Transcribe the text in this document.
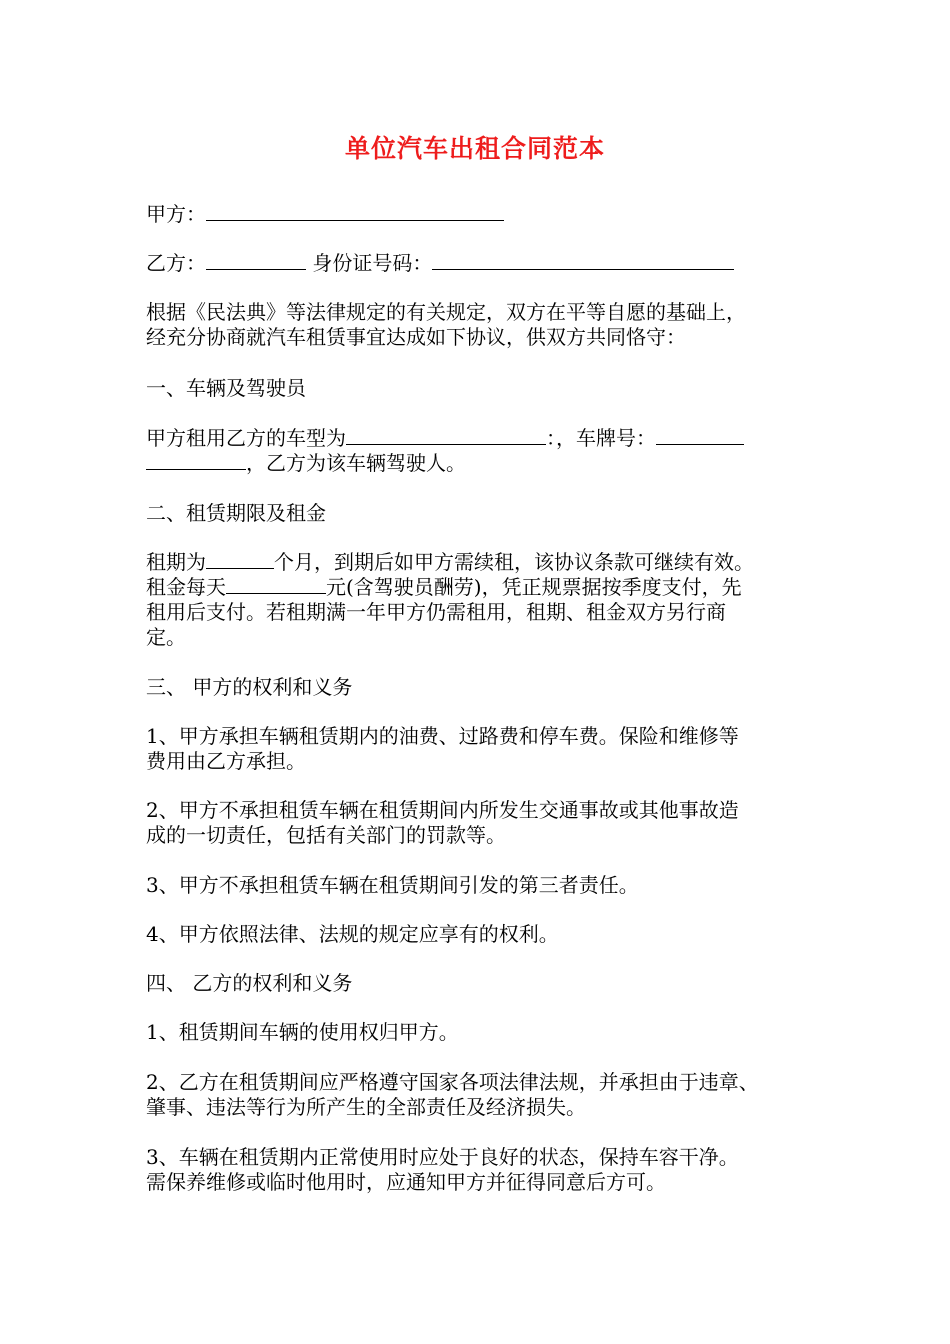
单位汽车出租合同范本
甲方：
乙方：	身份证号码：
根据《民法典》等法律规定的有关规定，双方在平等自愿的基础上，
经充分协商就汽车租赁事宜达成如下协议，供双方共同恪守：
一、车辆及驾驶员
甲方租用乙方的车型为	：，车牌号：
，乙方为该车辆驾驶人。
二、租赁期限及租金
租期为	个月，到期后如甲方需续租，该协议条款可继续有效。
租金每天	元(含驾驶员酬劳)，凭正规票据按季度支付，先
租用后支付。若租期满一年甲方仍需租用，租期、租金双方另行商
定。
三、 甲方的权利和义务
1、甲方承担车辆租赁期内的油费、过路费和停车费。保险和维修等
费用由乙方承担。
2、甲方不承担租赁车辆在租赁期间内所发生交通事故或其他事故造
成的一切责任，包括有关部门的罚款等。
3、甲方不承担租赁车辆在租赁期间引发的第三者责任。
4、甲方依照法律、法规的规定应享有的权利。
四、 乙方的权利和义务
1、租赁期间车辆的使用权归甲方。
2、乙方在租赁期间应严格遵守国家各项法律法规，并承担由于违章、
肇事、违法等行为所产生的全部责任及经济损失。
3、车辆在租赁期内正常使用时应处于良好的状态，保持车容干净。
需保养维修或临时他用时，应通知甲方并征得同意后方可。
